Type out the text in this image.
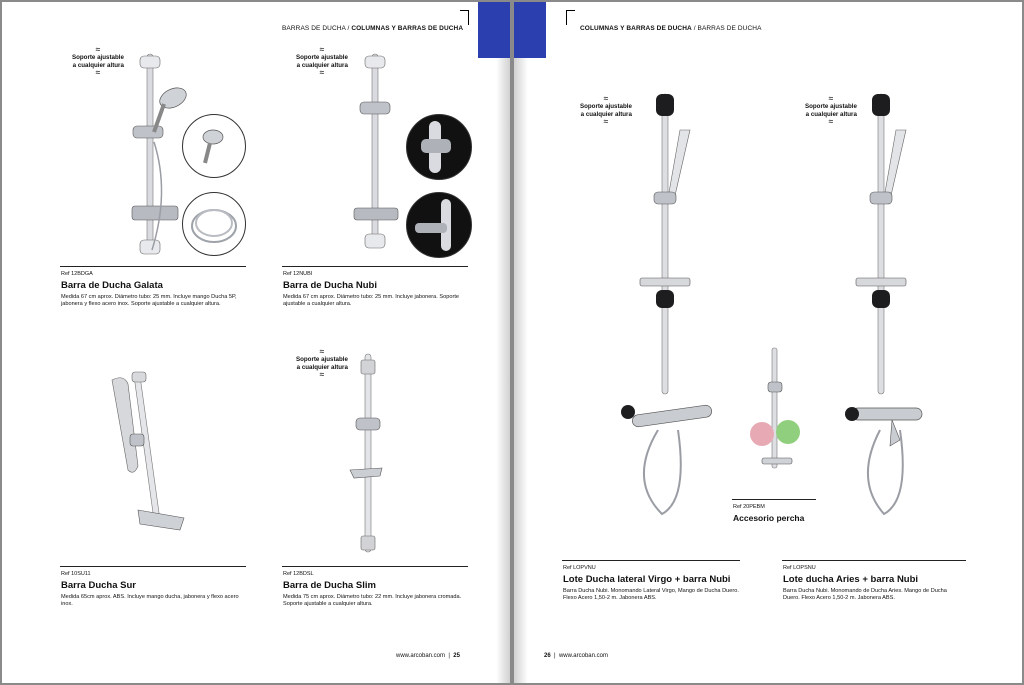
BARRAS DE DUCHA / COLUMNAS Y BARRAS DE DUCHA
≈
Soporte ajustable
a cualquier altura
≈
Ref 12BDGA
Barra de Ducha Galata
Medida 67 cm aprox. Diámetro tubo: 25 mm. Incluye mango Ducha 5P, jabonera y flexo acero inox. Soporte ajustable a cualquier altura.
≈
Soporte ajustable
a cualquier altura
≈
Ref 12NUBI
Barra de Ducha Nubi
Medida 67 cm aprox. Diámetro tubo: 25 mm. Incluye jabonera. Soporte ajustable a cualquier altura.
Ref 10SU11
Barra Ducha Sur
Medida 65cm aprox. ABS. Incluye mango ducha, jabonera y flexo acero inox.
≈
Soporte ajustable
a cualquier altura
≈
Ref 12BDSL
Barra de Ducha Slim
Medida 75 cm aprox. Diámetro tubo: 22 mm. Incluye jabonera cromada. Soporte ajustable a cualquier altura.
www.arcoban.com | 25
COLUMNAS Y BARRAS DE DUCHA / BARRAS DE DUCHA
≈
Soporte ajustable
a cualquier altura
≈
Ref LOPVNU
Lote Ducha lateral Virgo + barra Nubi
Barra Ducha Nubi. Monomando Lateral Virgo, Mango de Ducha Duero. Flexo Acero 1,50-2 m. Jabonera ABS.
Ref 20PEBM
Accesorio percha
≈
Soporte ajustable
a cualquier altura
≈
Ref LOPSNU
Lote ducha Aries + barra Nubi
Barra Ducha Nubi. Monomando de Ducha Aries. Mango de Ducha Duero. Flexo Acero 1,50-2 m. Jabonera ABS.
26 | www.arcoban.com
